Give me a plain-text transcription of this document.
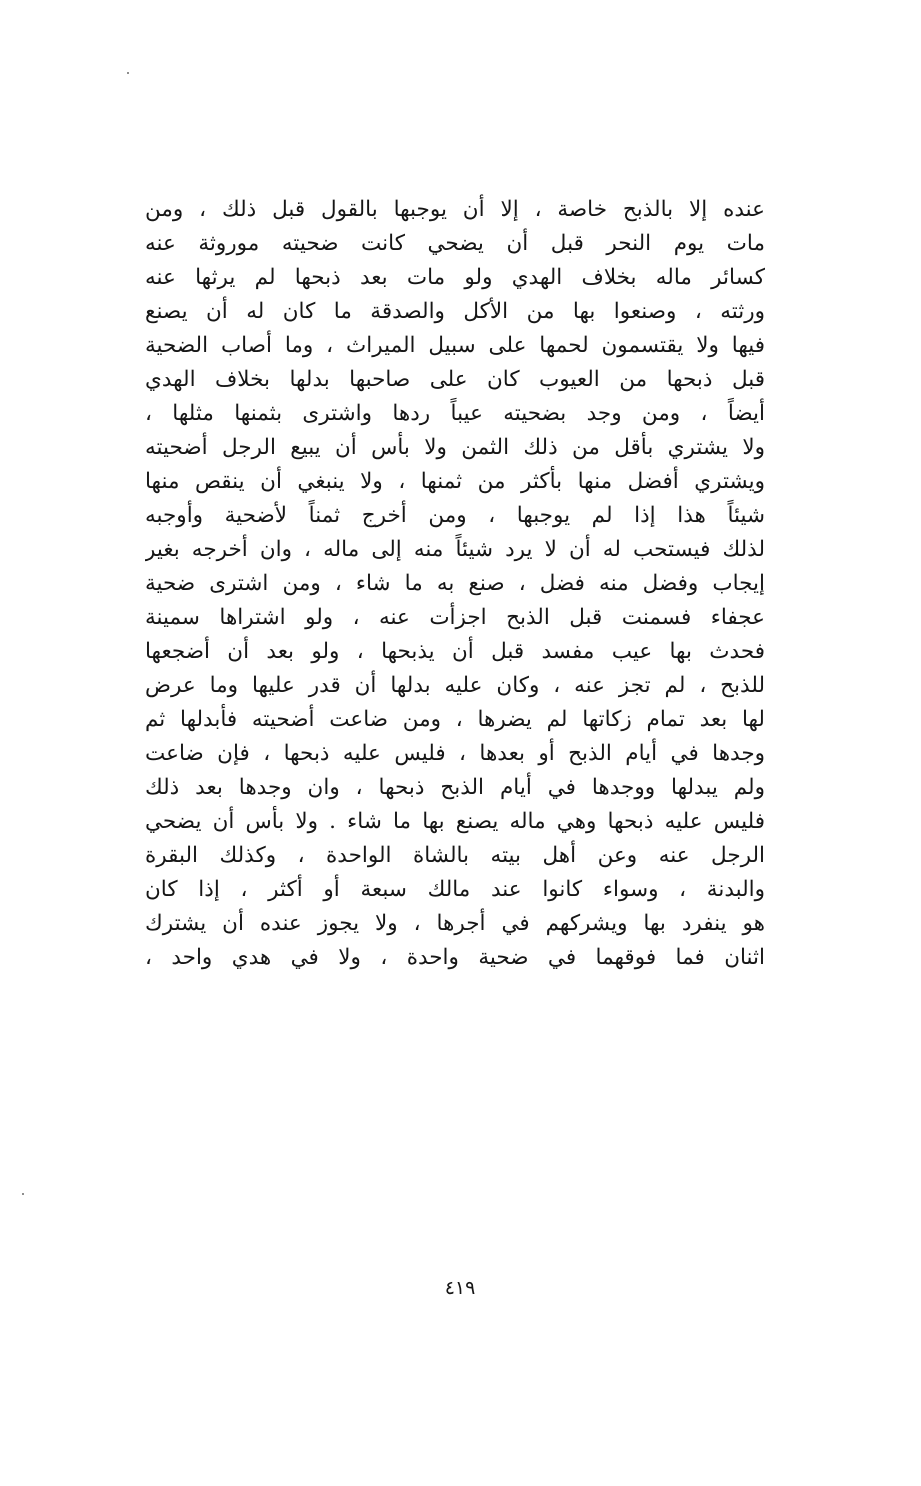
عنده إلا بالذبح خاصة ، إلا أن يوجبها بالقول قبل ذلك ، ومن
مات يوم النحر قبل أن يضحي كانت ضحيته موروثة عنه
كسائر ماله بخلاف الهدي ولو مات بعد ذبحها لم يرثها عنه
ورثته ، وصنعوا بها من الأكل والصدقة ما كان له أن يصنع
فيها ولا يقتسمون لحمها على سبيل الميراث ، وما أصاب الضحية
قبل ذبحها من العيوب كان على صاحبها بدلها بخلاف الهدي
أيضاً ، ومن وجد بضحيته عيباً ردها واشترى بثمنها مثلها ،
ولا يشتري بأقل من ذلك الثمن ولا بأس أن يبيع الرجل أضحيته
ويشتري أفضل منها بأكثر من ثمنها ، ولا ينبغي أن ينقص منها
شيئاً هذا إذا لم يوجبها ، ومن أخرج ثمناً لأضحية وأوجبه
لذلك فيستحب له أن لا يرد شيئاً منه إلى ماله ، وان أخرجه بغير
إيجاب وفضل منه فضل ، صنع به ما شاء ، ومن اشترى ضحية
عجفاء فسمنت قبل الذبح اجزأت عنه ، ولو اشتراها سمينة
فحدث بها عيب مفسد قبل أن يذبحها ، ولو بعد أن أضجعها
للذبح ، لم تجز عنه ، وكان عليه بدلها أن قدر عليها وما عرض
لها بعد تمام زكاتها لم يضرها ، ومن ضاعت أضحيته فأبدلها ثم
وجدها في أيام الذبح أو بعدها ، فليس عليه ذبحها ، فإن ضاعت
ولم يبدلها ووجدها في أيام الذبح ذبحها ، وان وجدها بعد ذلك
فليس عليه ذبحها وهي ماله يصنع بها ما شاء . ولا بأس أن يضحي
الرجل عنه وعن أهل بيته بالشاة الواحدة ، وكذلك البقرة
والبدنة ، وسواء كانوا عند مالك سبعة أو أكثر ، إذا كان
هو ينفرد بها ويشركهم في أجرها ، ولا يجوز عنده أن يشترك
اثنان فما فوقهما في ضحية واحدة ، ولا في هدي واحد ،
٤١٩
